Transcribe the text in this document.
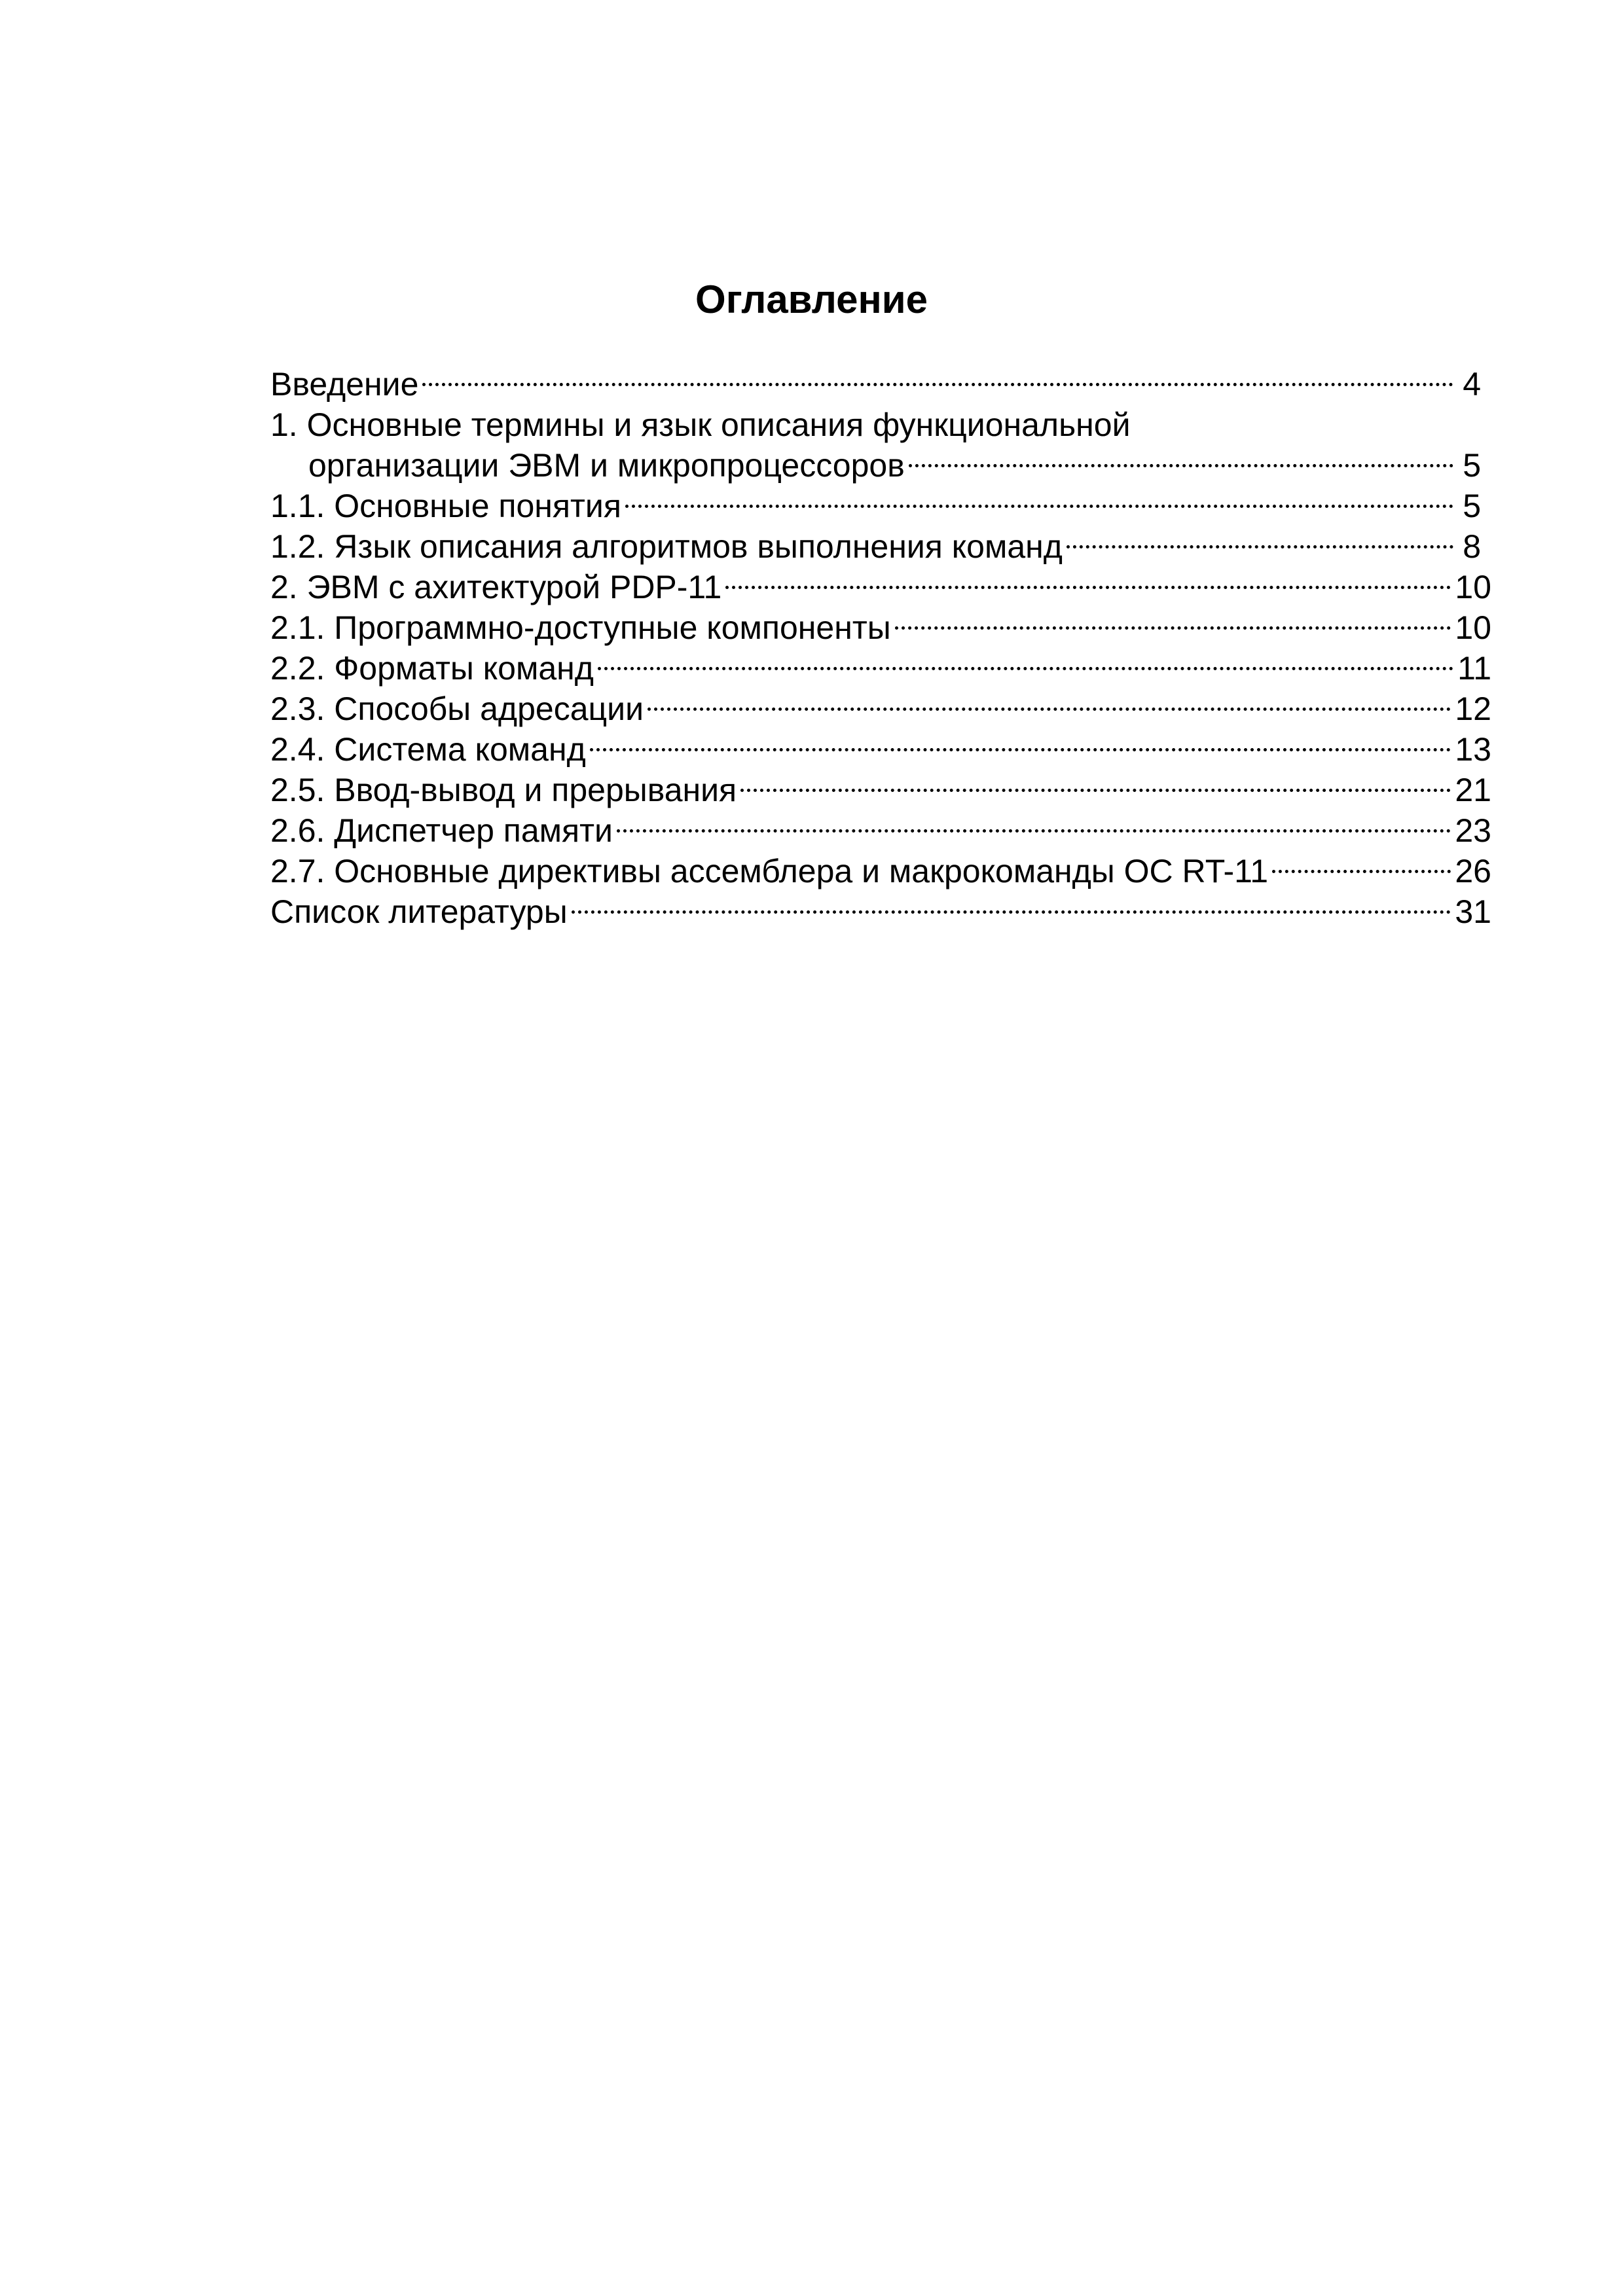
Оглавление
Введение	4
1. Основные термины и язык описания функциональной
организации ЭВМ и микропроцессоров	5
1.1. Основные понятия	5
1.2. Язык описания алгоритмов выполнения команд	8
2. ЭВМ с ахитектурой PDP-11	10
2.1. Программно-доступные компоненты	10
2.2. Форматы команд	11
2.3. Способы адресации	12
2.4. Система команд	13
2.5. Ввод-вывод и прерывания	21
2.6. Диспетчер памяти	23
2.7. Основные директивы ассемблера и макрокоманды ОС RT-11	26
Список литературы	31
